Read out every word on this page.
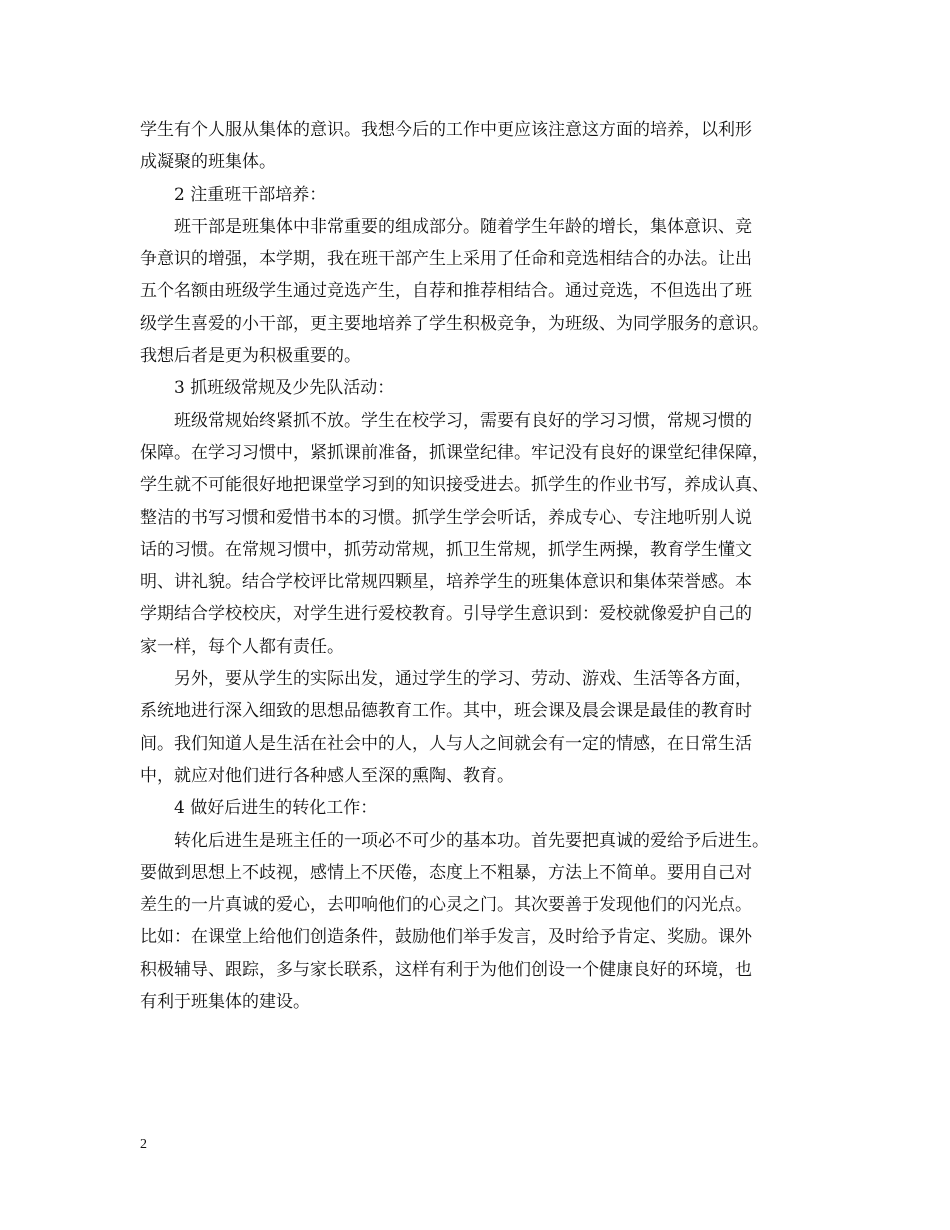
学生有个人服从集体的意识。我想今后的工作中更应该注意这方面的培养，以利形
成凝聚的班集体。
2 注重班干部培养：
班干部是班集体中非常重要的组成部分。随着学生年龄的增长，集体意识、竞
争意识的增强，本学期，我在班干部产生上采用了任命和竞选相结合的办法。让出
五个名额由班级学生通过竞选产生，自荐和推荐相结合。通过竞选，不但选出了班
级学生喜爱的小干部，更主要地培养了学生积极竞争，为班级、为同学服务的意识。
我想后者是更为积极重要的。
3 抓班级常规及少先队活动：
班级常规始终紧抓不放。学生在校学习，需要有良好的学习习惯，常规习惯的
保障。在学习习惯中，紧抓课前准备，抓课堂纪律。牢记没有良好的课堂纪律保障，
学生就不可能很好地把课堂学习到的知识接受进去。抓学生的作业书写，养成认真、
整洁的书写习惯和爱惜书本的习惯。抓学生学会听话，养成专心、专注地听别人说
话的习惯。在常规习惯中，抓劳动常规，抓卫生常规，抓学生两操，教育学生懂文
明、讲礼貌。结合学校评比常规四颗星，培养学生的班集体意识和集体荣誉感。本
学期结合学校校庆，对学生进行爱校教育。引导学生意识到：爱校就像爱护自己的
家一样，每个人都有责任。
另外，要从学生的实际出发，通过学生的学习、劳动、游戏、生活等各方面，
系统地进行深入细致的思想品德教育工作。其中，班会课及晨会课是最佳的教育时
间。我们知道人是生活在社会中的人，人与人之间就会有一定的情感，在日常生活
中，就应对他们进行各种感人至深的熏陶、教育。
4 做好后进生的转化工作：
转化后进生是班主任的一项必不可少的基本功。首先要把真诚的爱给予后进生。
要做到思想上不歧视，感情上不厌倦，态度上不粗暴，方法上不简单。要用自己对
差生的一片真诚的爱心，去叩响他们的心灵之门。其次要善于发现他们的闪光点。
比如：在课堂上给他们创造条件，鼓励他们举手发言，及时给予肯定、奖励。课外
积极辅导、跟踪，多与家长联系，这样有利于为他们创设一个健康良好的环境，也
有利于班集体的建设。
2
